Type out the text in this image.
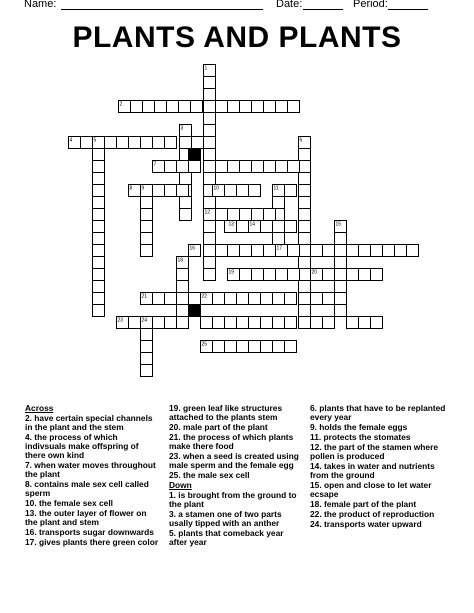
Name:	Date:	Period:
PLANTS AND PLANTS
1
2
3
4	5	6
7
8 9	10	11
12
13	14	15
16	17
18
19	20
21	22
23	24
25
Across
2. have certain special channels in the plant and the stem
4. the process of which indivsuals make offspring of there own kind
7. when water moves throughout the plant
8. contains male sex cell called sperm
10. the female sex cell
13. the outer layer of flower on the plant and stem
16. transports sugar downwards
17. gives plants there green color
19. green leaf like structures attached to the plants stem
20. male part of the plant
21. the process of which plants make there food
23. when a seed is created using male sperm and the female egg
25. the male sex cell
Down
1. is brought from the ground to the plant
3. a stamen one of two parts usally tipped with an anther
5. plants that comeback year after year
6. plants that have to be replanted every year
9. holds the female eggs
11. protects the stomates
12. the part of the stamen where pollen is produced
14. takes in water and nutrients from the ground
15. open and close to let water ecsape
18. female part of the plant
22. the product of reproduction
24. transports water upward
